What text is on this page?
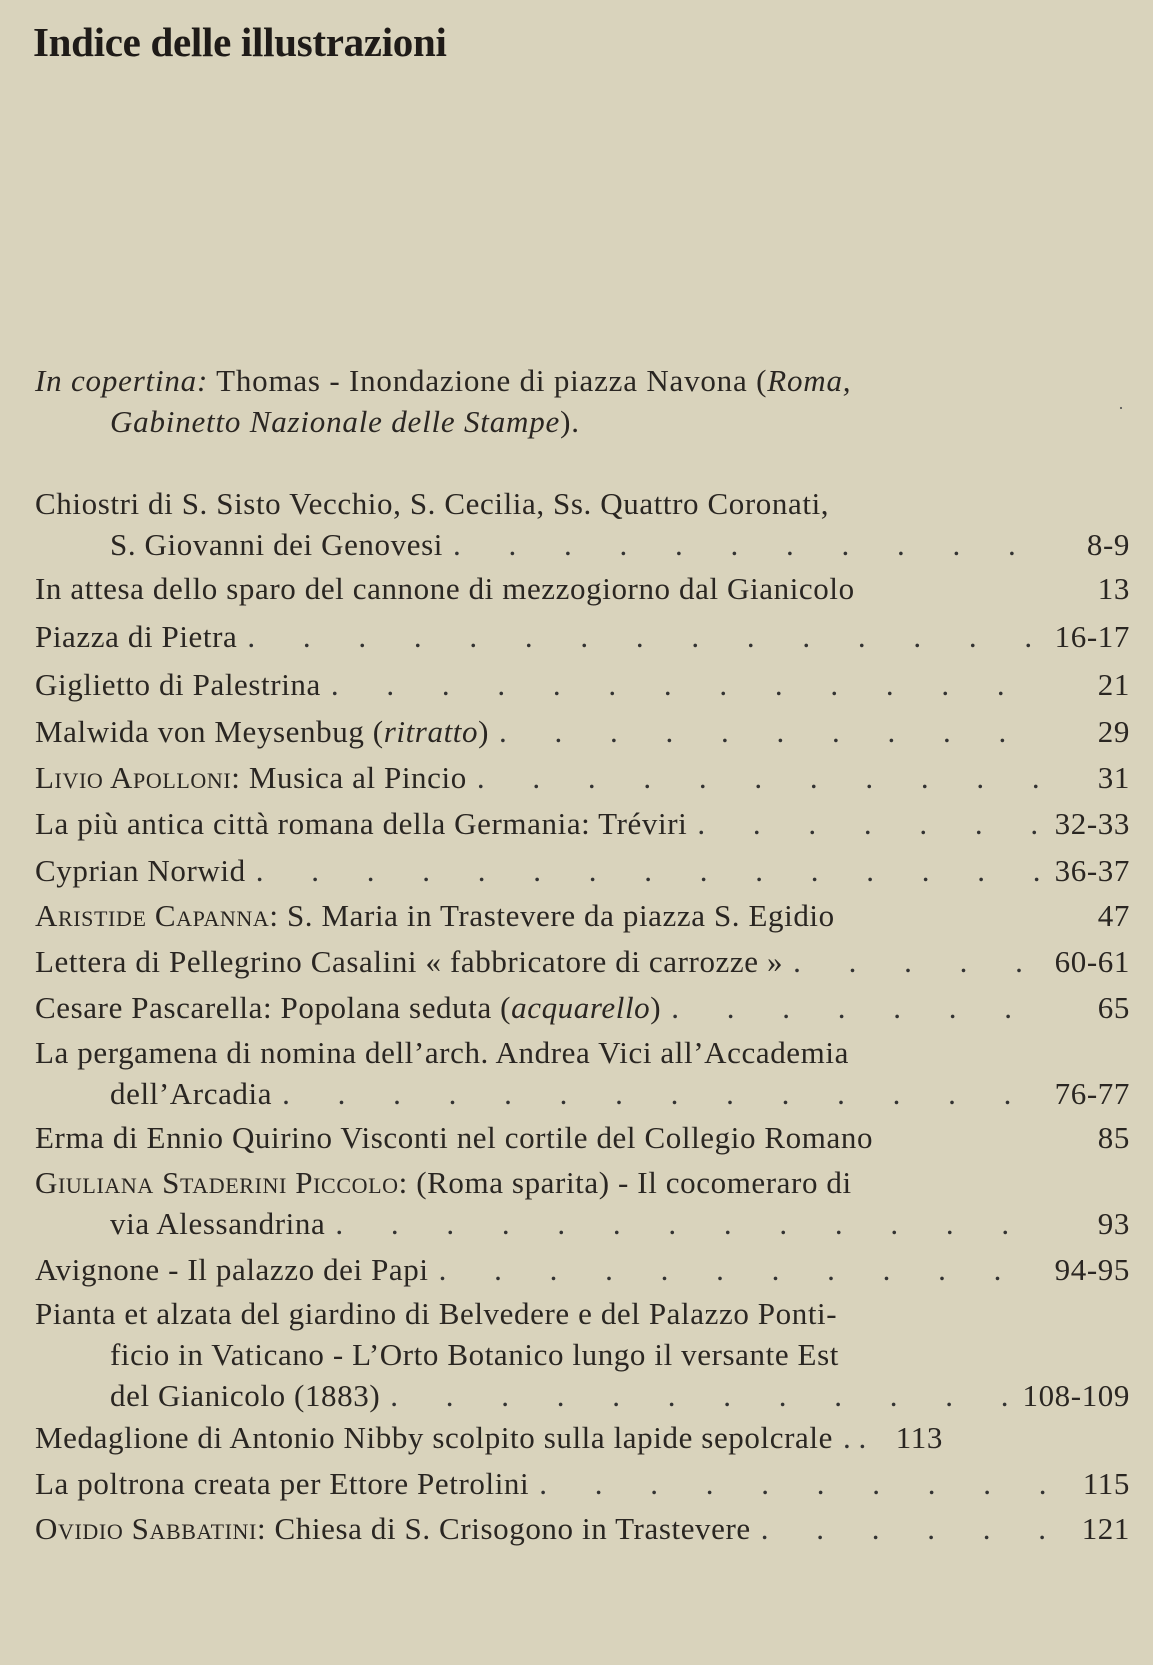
Indice delle illustrazioni
In copertina: Thomas - Inondazione di piazza Navona (Roma,
Gabinetto Nazionale delle Stampe).	·
Chiostri di S. Sisto Vecchio, S. Cecilia, Ss. Quattro Coronati,
S. Giovanni dei Genovesi . . .	8-9
In attesa dello sparo del cannone di mezzogiorno dal Gianicolo	13
Piazza di Pietra . . .	16-17
Giglietto di Palestrina . . .	21
Malwida von Meysenbug (ritratto) . . .	29
Livio Apolloni: Musica al Pincio . . .	31
La più antica città romana della Germania: Tréviri . . .	32-33
Cyprian Norwid . . .	36-37
Aristide Capanna: S. Maria in Trastevere da piazza S. Egidio	47
Lettera di Pellegrino Casalini « fabbricatore di carrozze » . . .	60-61
Cesare Pascarella: Popolana seduta (acquarello) . . .	65
La pergamena di nomina dell’arch. Andrea Vici all’Accademia
dell’Arcadia . . .	76-77
Erma di Ennio Quirino Visconti nel cortile del Collegio Romano	85
Giuliana Staderini Piccolo: (Roma sparita) - Il cocomeraro di
via Alessandrina . . .	93
Avignone - Il palazzo dei Papi . . .	94-95
Pianta et alzata del giardino di Belvedere e del Palazzo Ponti-
ficio in Vaticano - L’Orto Botanico lungo il versante Est
del Gianicolo (1883) . . .	108-109
Medaglione di Antonio Nibby scolpito sulla lapide sepolcrale . . .	113
La poltrona creata per Ettore Petrolini . . .	115
Ovidio Sabbatini: Chiesa di S. Crisogono in Trastevere . . .	121
